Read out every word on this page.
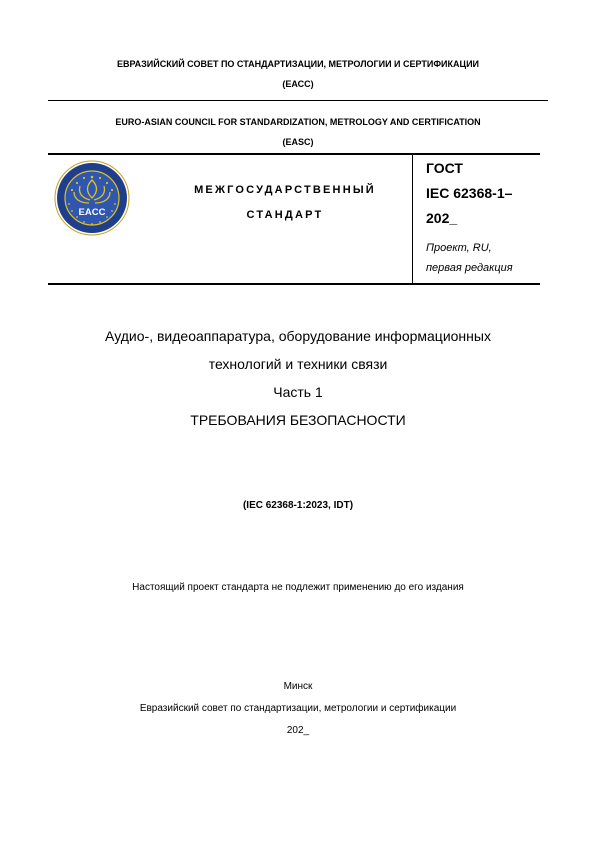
ЕВРАЗИЙСКИЙ СОВЕТ ПО СТАНДАРТИЗАЦИИ, МЕТРОЛОГИИ И СЕРТИФИКАЦИИ
(ЕАСС)
EURO-ASIAN COUNCIL FOR STANDARDIZATION, METROLOGY AND CERTIFICATION
(EASC)
EACC
МЕЖГОСУДАРСТВЕННЫЙ
СТАНДАРТ
ГОСТ
IEC 62368-1–
202_
Проект, RU,
первая редакция
Аудио-, видеоаппаратура, оборудование информационных
технологий и техники связи
Часть 1
ТРЕБОВАНИЯ БЕЗОПАСНОСТИ
(IEC 62368-1:2023, IDT)
Настоящий проект стандарта не подлежит применению до его издания
Минск
Евразийский совет по стандартизации, метрологии и сертификации
202_
